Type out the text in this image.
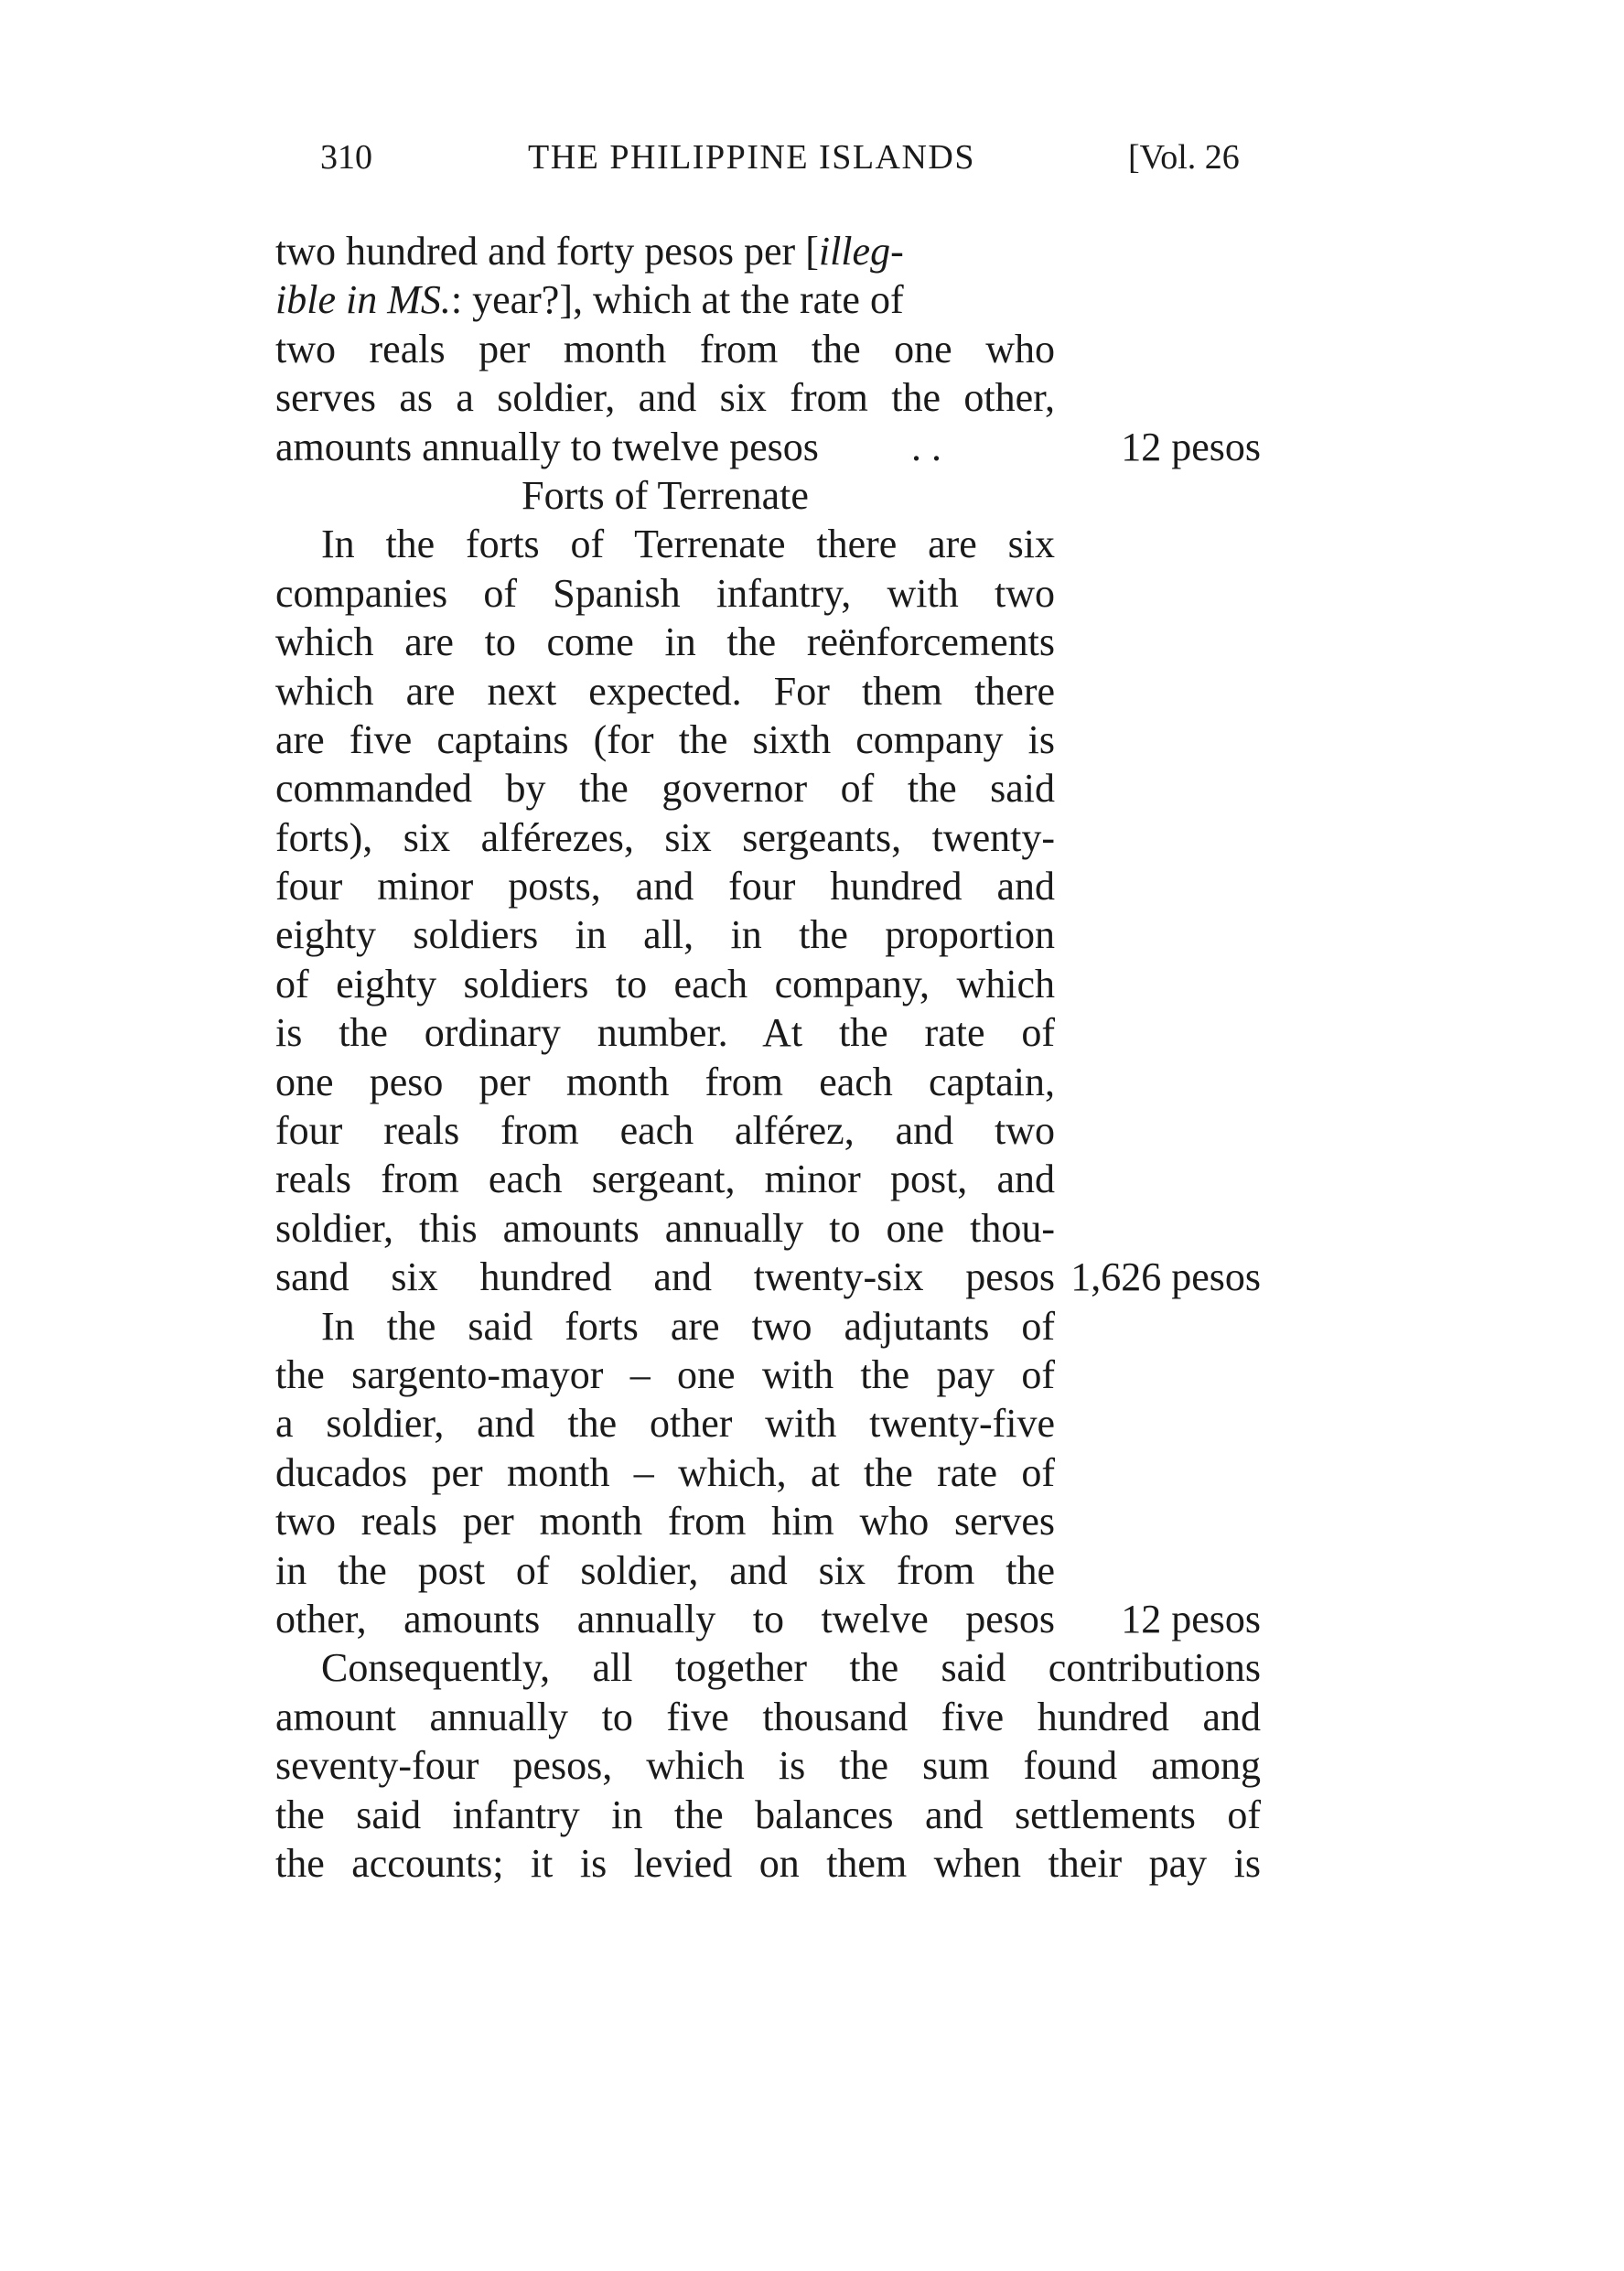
310	THE PHILIPPINE ISLANDS	[Vol. 26
two hundred and forty pesos per [illeg-
ible in MS.: year?], which at the rate of
two reals per month from the one who
serves as a soldier, and six from the other,
amounts annually to twelve pesos . .	12 pesos
Forts of Terrenate
In the forts of Terrenate there are six
companies of Spanish infantry, with two
which are to come in the reënforcements
which are next expected. For them there
are five captains (for the sixth company is
commanded by the governor of the said
forts), six alférezes, six sergeants, twenty-
four minor posts, and four hundred and
eighty soldiers in all, in the proportion
of eighty soldiers to each company, which
is the ordinary number. At the rate of
one peso per month from each captain,
four reals from each alférez, and two
reals from each sergeant, minor post, and
soldier, this amounts annually to one thou-
sand six hundred and twenty-six pesos 1,626 pesos
In the said forts are two adjutants of
the sargento-mayor – one with the pay of
a soldier, and the other with twenty-five
ducados per month – which, at the rate of
two reals per month from him who serves
in the post of soldier, and six from the
other, amounts annually to twelve pesos 12 pesos
Consequently, all together the said contributions
amount annually to five thousand five hundred and
seventy-four pesos, which is the sum found among
the said infantry in the balances and settlements of
the accounts; it is levied on them when their pay is
